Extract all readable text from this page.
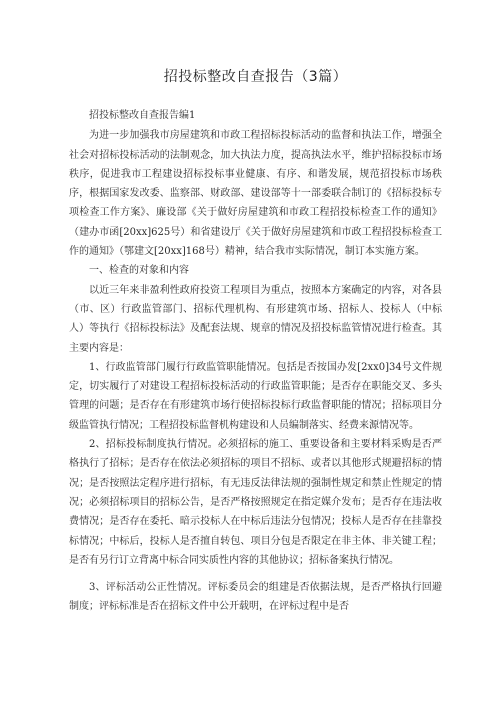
招投标整改自查报告（3篇）

招投标整改自查报告编1

为进一步加强我市房屋建筑和市政工程招标投标活动的监督和执法工作，增强全社会对招标投标活动的法制观念，加大执法力度，提高执法水平，维护招标投标市场秩序，促进我市工程建设招标投标事业健康、有序、和谐发展，规范招投标市场秩序，根据国家发改委、监察部、财政部、建设部等十一部委联合制订的《招标投标专项检查工作方案》、廉设部《关于做好房屋建筑和市政工程招投标检查工作的通知》（建办市函[20xx]625号）和省建设厅《关于做好房屋建筑和市政工程招投标检查工作的通知》（鄂建文[20xx]168号）精神，结合我市实际情况，制订本实施方案。

一、检查的对象和内容

以近三年来非盈利性政府投资工程项目为重点，按照本方案确定的内容，对各县（市、区）行政监管部门、招标代理机构、有形建筑市场、招标人、投标人（中标人）等执行《招标投标法》及配套法规、规章的情况及招投标监管情况进行检查。其主要内容是：

1、行政监管部门履行行政监管职能情况。包括是否按国办发[2xx0]34号文件规定，切实履行了对建设工程招标投标活动的行政监管职能；是否存在职能交叉、多头管理的问题；是否存在有形建筑市场行使招标投标行政监督职能的情况；招标项目分级监管执行情况；工程招投标监督机构建设和人员编制落实、经费来源情况等。

2、招标投标制度执行情况。必须招标的施工、重要设备和主要材料采购是否严格执行了招标；是否存在依法必须招标的项目不招标、或者以其他形式规避招标的情况；是否按照法定程序进行招标，有无违反法律法规的强制性规定和禁止性规定的情况；必须招标项目的招标公告，是否严格按照规定在指定媒介发布；是否存在违法收费情况；是否存在委托、暗示投标人在中标后违法分包情况；投标人是否存在挂靠投标情况；中标后，投标人是否擅自转包、项目分包是否限定在非主体、非关键工程；是否有另行订立背离中标合同实质性内容的其他协议；招标备案执行情况。

3、评标活动公正性情况。评标委员会的组建是否依据法规，是否严格执行回避制度；评标标准是否在招标文件中公开载明，在评标过程中是否
